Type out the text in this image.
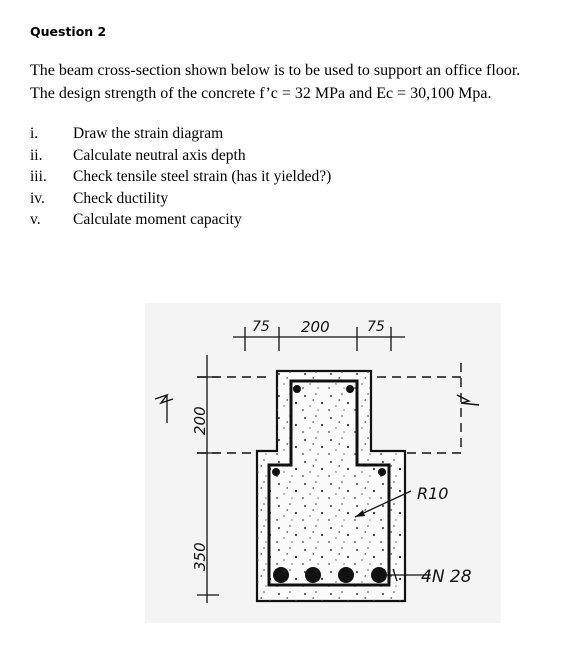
Question 2
The beam cross-section shown below is to be used to support an office floor.
The design strength of the concrete f’c = 32 MPa and Ec = 30,100 Mpa.
i.	Draw the strain diagram
ii.	Calculate neutral axis depth
iii.	Check tensile steel strain (has it yielded?)
iv.	Check ductility
v.	Calculate moment capacity
75 200	75
200
350
R10
4N 28
